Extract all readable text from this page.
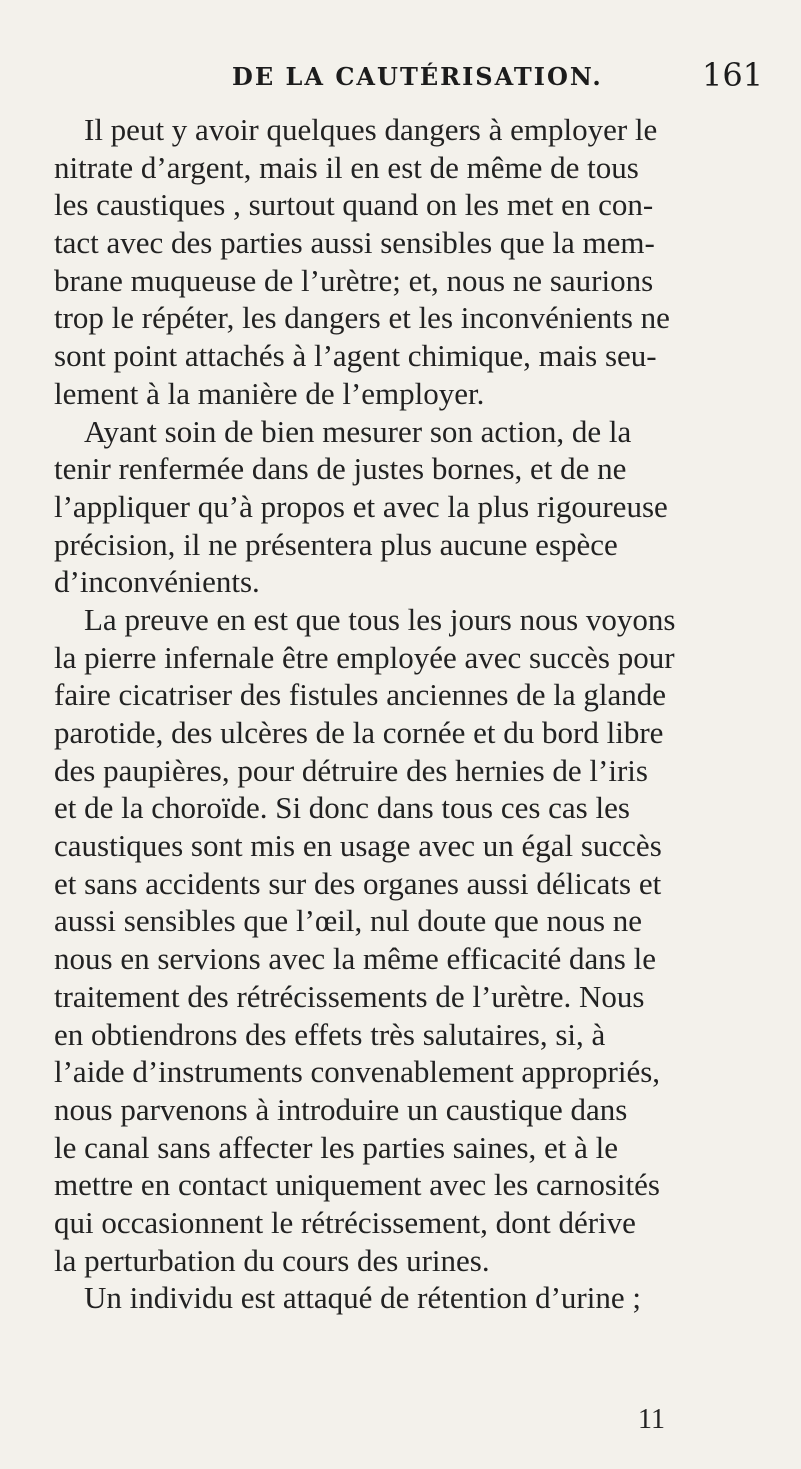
DE LA CAUTÉRISATION.	161
Il peut y avoir quelques dangers à employer le
nitrate d’argent, mais il en est de même de tous
les caustiques , surtout quand on les met en con-
tact avec des parties aussi sensibles que la mem-
brane muqueuse de l’urètre; et, nous ne saurions
trop le répéter, les dangers et les inconvénients ne
sont point attachés à l’agent chimique, mais seu-
lement à la manière de l’employer.
Ayant soin de bien mesurer son action, de la
tenir renfermée dans de justes bornes, et de ne
l’appliquer qu’à propos et avec la plus rigoureuse
précision, il ne présentera plus aucune espèce
d’inconvénients.
La preuve en est que tous les jours nous voyons
la pierre infernale être employée avec succès pour
faire cicatriser des fistules anciennes de la glande
parotide, des ulcères de la cornée et du bord libre
des paupières, pour détruire des hernies de l’iris
et de la choroïde. Si donc dans tous ces cas les
caustiques sont mis en usage avec un égal succès
et sans accidents sur des organes aussi délicats et
aussi sensibles que l’œil, nul doute que nous ne
nous en servions avec la même efficacité dans le
traitement des rétrécissements de l’urètre. Nous
en obtiendrons des effets très salutaires, si, à
l’aide d’instruments convenablement appropriés,
nous parvenons à introduire un caustique dans
le canal sans affecter les parties saines, et à le
mettre en contact uniquement avec les carnosités
qui occasionnent le rétrécissement, dont dérive
la perturbation du cours des urines.
Un individu est attaqué de rétention d’urine ;
11
